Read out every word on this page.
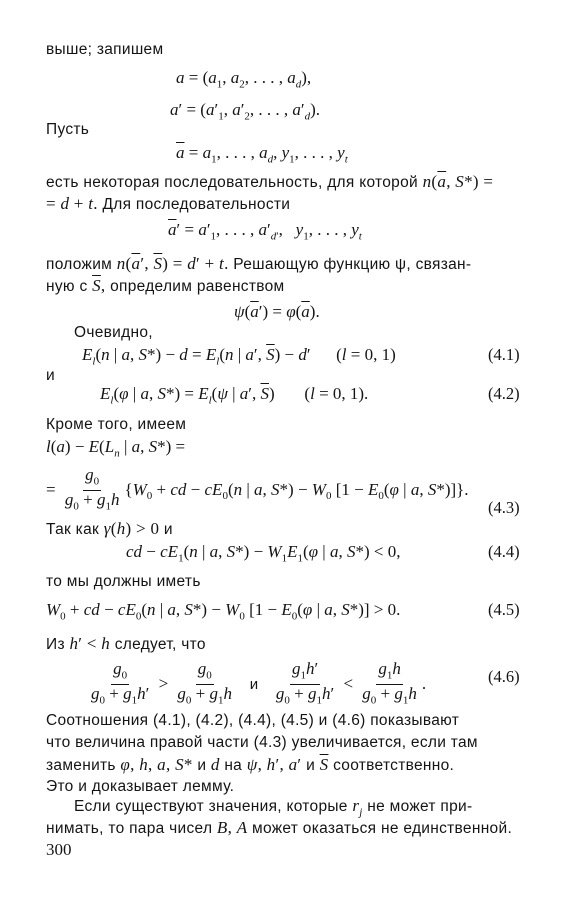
выше; запишем
$a = (a_1$, $a_2$, . . . , $a_d$),
$a' = (a'_1$, $a'_2$, . . . , $a'_d$).
Пусть
$\overline{a} = a_1$, . . . , $a_d$, $y_1$, . . . , $y_t$
есть некоторая последовательность, для которой $n(\overline{a}$, S*) =
= d + t. Для последовательности
$\overline{a}' = a'_1$, . . . , $a'_{d'}$,   $y_1$, . . . , $y_t$
положим $n(\overline{a}'$, $\overline{S}) = d' + t$. Решающую функцию ψ, связан-
ную с $\overline{S}$, определим равенством
$\psi(\overline{a}') = \varphi(\overline{a})$.
Очевидно,
$E_l(n$ | a, $S*) - d = E_l(n$ | a′, $\overline{S}) - d'$      (l = 0, 1)	(4.1)
и
$E_l(\varphi$ | a, $S*) = E_l(\psi$ | a′, $\overline{S}$)       (l = 0, 1).	(4.2)
Кроме того, имеем
$l(a) - E(L_n$ | a, S*) =
= $\frac{g_0}{g_0 + g_1h} \{W_0$ + cd − $cE_0(n$ | a, $S*) - W_0$ [$1 - E_0(\varphi$ | a, S*)]}.
(4.3)
Так как γ(h) > 0 и
cd − $cE_1(n$ | a, $S*) - W_1E_1(\varphi$ | a, S*) < 0,	(4.4)
то мы должны иметь
$W_0$ + cd − $cE_0(n$ | a, $S*) - W_0$ [$1 - E_0(\varphi$ | a, S*)] > 0.	(4.5)
Из h′ < h следует, что
$\frac{g_0}{g_0 + g_1h'} > \frac{g_0}{g_0 + g_1h}$ и $\frac{g_1h'}{g_0 + g_1h'} < \frac{g_1h}{g_0 + g_1h}$ .	(4.6)
Соотношения (4.1), (4.2), (4.4), (4.5) и (4.6) показывают
что величина правой части (4.3) увеличивается, если там
заменить φ, h, a, S* и d на ψ, h′, a′ и $\overline{S}$ соответственно.
Это и доказывает лемму.
Если существуют значения, которые $r_j$ не может при-
нимать, то пара чисел B, A может оказаться не единственной.
300
